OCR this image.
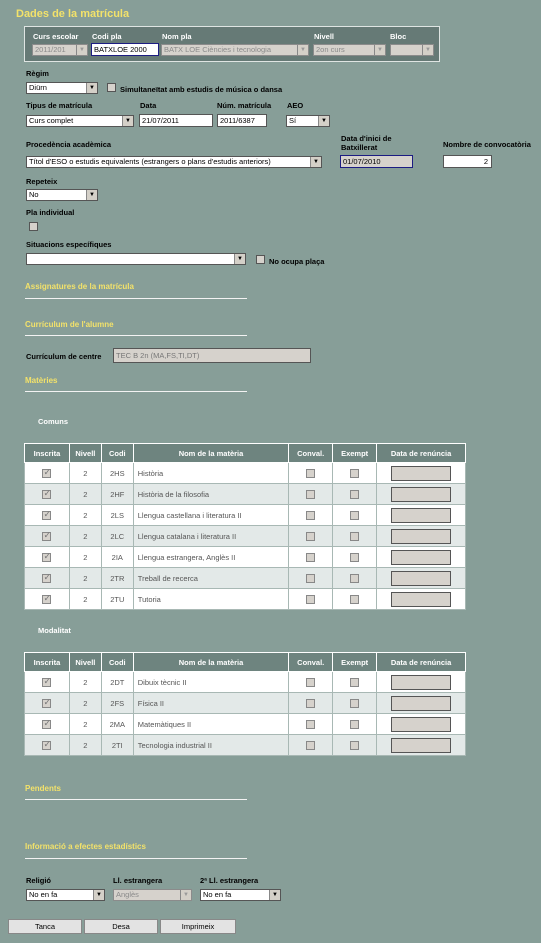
Dades de la matrícula
Curs escolar Codi pla	Nom pla	Nivell	Bloc
2011/201	▼	BATXLOE 2000	BATX LOE Ciències i tecnologia	▼	2on curs	▼	▼
Règim
Diürn	▼	Simultaneïtat amb estudis de música o dansa
Tipus de matrícula	Data	Núm. matrícula AEO
Curs complet	▼	21/07/2011	2011/6387	Sí	▼
Procedència acadèmica
Data d'inici de
Batxillerat	Nombre de convocatòria
Títol d'ESO o estudis equivalents (estrangers o plans d'estudis anteriors)	▼	01/07/2010	2
Repeteix
No	▼
Pla individual
Situacions específiques
▼	No ocupa plaça
Assignatures de la matrícula
Currículum de l'alumne
Currículum de centre	TEC B 2n (MA,FS,TI,DT)
Matèries
Comuns
Inscrita	Nivell	Codi	Nom de la matèria	Conval.	Exempt	Data de renúncia
✓	2	2HS	Història			
✓	2	2HF	Història de la filosofia			
✓	2	2LS	Llengua castellana i literatura II			
✓	2	2LC	Llengua catalana i literatura II			
✓	2	2IA	Llengua estrangera, Anglès II			
✓	2	2TR	Treball de recerca			
✓	2	2TU	Tutoria			
Modalitat
Inscrita	Nivell	Codi	Nom de la matèria	Conval.	Exempt	Data de renúncia
✓	2	2DT	Dibuix tècnic II			
✓	2	2FS	Física II			
✓	2	2MA	Matemàtiques II			
✓	2	2TI	Tecnologia industrial II			
Pendents
Informació a efectes estadístics
Religió	Ll. estrangera	2ª Ll. estrangera
No en fa	▼	Anglès	▼	No en fa	▼
Tanca	Desa	Imprimeix
